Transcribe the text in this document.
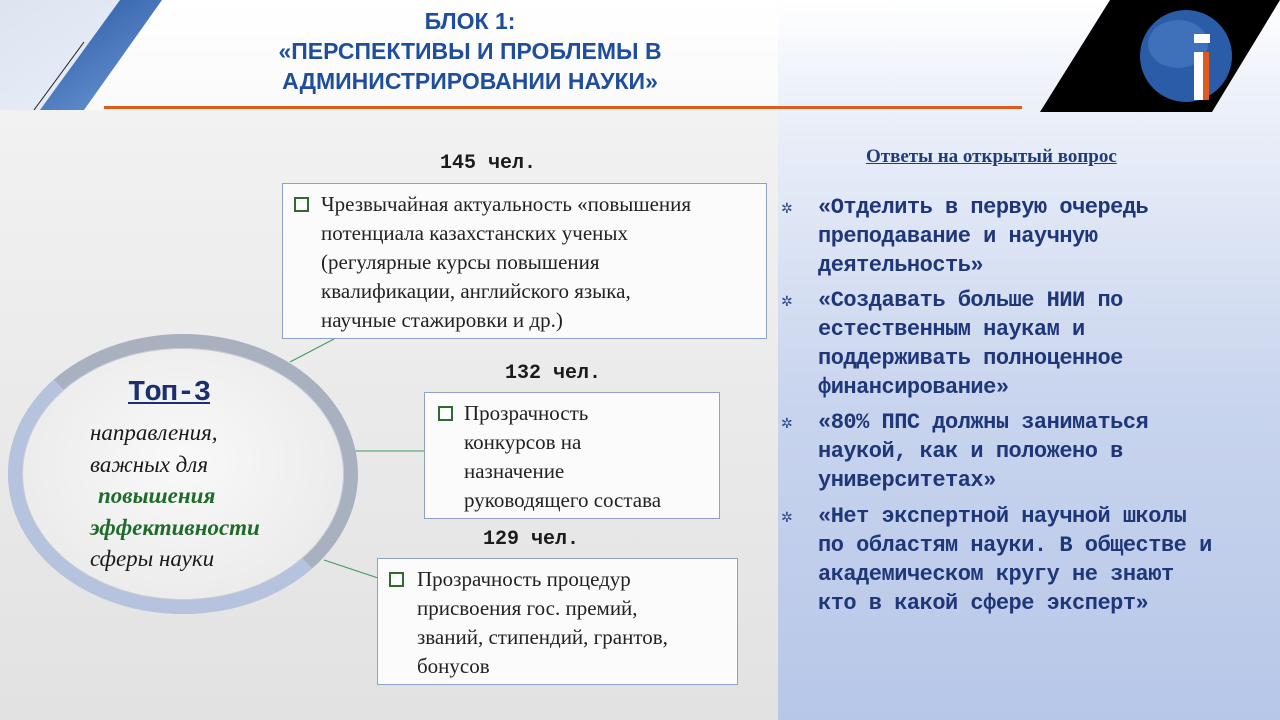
БЛОК 1:
«ПЕРСПЕКТИВЫ И ПРОБЛЕМЫ В
АДМИНИСТРИРОВАНИИ НАУКИ»
145 чел.
Чрезвычайная актуальность «повышения
потенциала казахстанских ученых
(регулярные курсы повышения
квалификации, английского языка,
научные стажировки и др.)
132 чел.
Прозрачность
конкурсов на
назначение
руководящего состава
129 чел.
Прозрачность процедур
присвоения гос. премий,
званий, стипендий, грантов,
бонусов
Топ-3
направления,
важных для
повышения
эффективности
сферы науки
Ответы на открытый вопрос
✲ «Отделить в первую очередь
преподавание и научную
деятельность»
✲ «Создавать больше НИИ по
естественным наукам и
поддерживать полноценное
финансирование»
✲ «80% ППС должны заниматься
наукой, как и положено в
университетах»
✲ «Нет экспертной научной школы
по областям науки. В обществе и
академическом кругу не знают
кто в какой сфере эксперт»
